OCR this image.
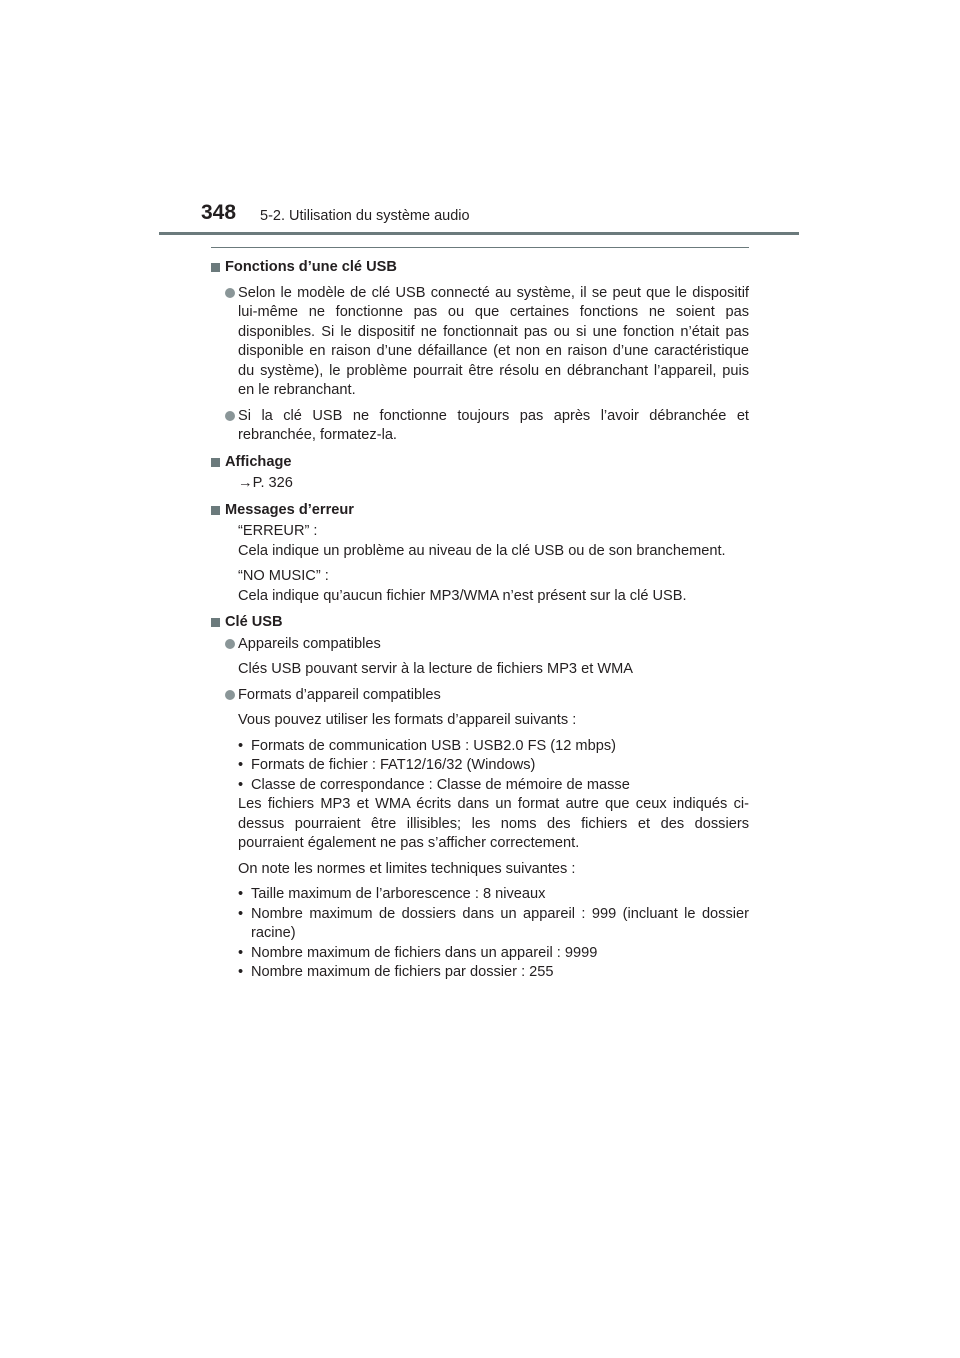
348 5-2. Utilisation du système audio
Fonctions d’une clé USB
Selon le modèle de clé USB connecté au système, il se peut que le dispositif lui-même ne fonctionne pas ou que certaines fonctions ne soient pas disponibles. Si le dispositif ne fonctionnait pas ou si une fonction n’était pas disponible en raison d’une défaillance (et non en raison d’une caractéristique du système), le problème pourrait être résolu en débranchant l’appareil, puis en le rebranchant.
Si la clé USB ne fonctionne toujours pas après l’avoir débranchée et rebranchée, formatez-la.
Affichage
→P. 326
Messages d’erreur
“ERREUR” :
Cela indique un problème au niveau de la clé USB ou de son branchement.
“NO MUSIC” :
Cela indique qu’aucun fichier MP3/WMA n’est présent sur la clé USB.
Clé USB
Appareils compatibles
Clés USB pouvant servir à la lecture de fichiers MP3 et WMA
Formats d’appareil compatibles
Vous pouvez utiliser les formats d’appareil suivants :
• Formats de communication USB : USB2.0 FS (12 mbps)
• Formats de fichier : FAT12/16/32 (Windows)
• Classe de correspondance : Classe de mémoire de masse
Les fichiers MP3 et WMA écrits dans un format autre que ceux indiqués ci-dessus pourraient être illisibles; les noms des fichiers et des dossiers pourraient également ne pas s’afficher correctement.
On note les normes et limites techniques suivantes :
• Taille maximum de l’arborescence : 8 niveaux
• Nombre maximum de dossiers dans un appareil : 999 (incluant le dossier racine)
• Nombre maximum de fichiers dans un appareil : 9999
• Nombre maximum de fichiers par dossier : 255
